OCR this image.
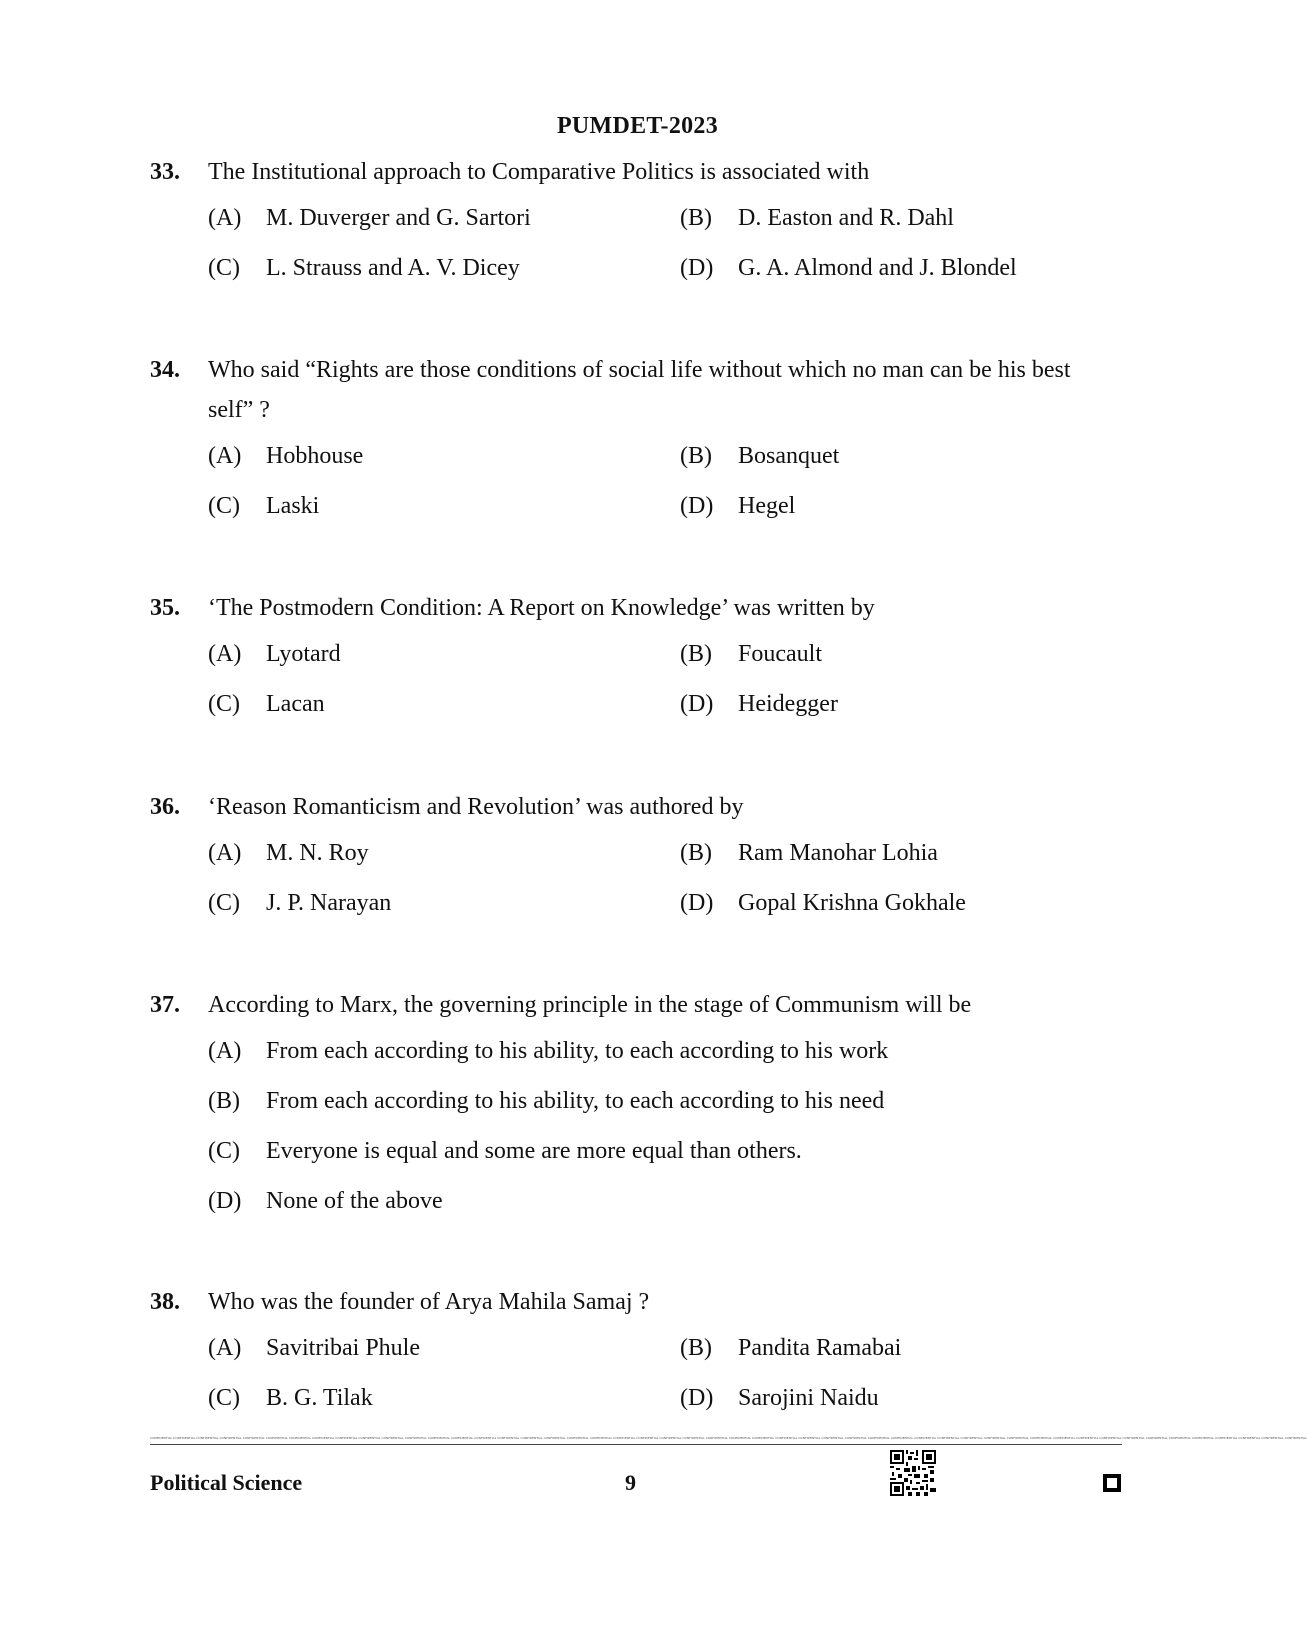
PUMDET-2023
33. The Institutional approach to Comparative Politics is associated with
(A) M. Duverger and G. Sartori	(B) D. Easton and R. Dahl
(C) L. Strauss and A. V. Dicey	(D) G. A. Almond and J. Blondel
34. Who said “Rights are those conditions of social life without which no man can be his best
self” ?
(A) Hobhouse	(B) Bosanquet
(C) Laski	(D) Hegel
35. ‘The Postmodern Condition: A Report on Knowledge’ was written by
(A) Lyotard	(B) Foucault
(C) Lacan	(D) Heidegger
36. ‘Reason Romanticism and Revolution’ was authored by
(A) M. N. Roy	(B) Ram Manohar Lohia
(C) J. P. Narayan	(D) Gopal Krishna Gokhale
37. According to Marx, the governing principle in the stage of Communism will be
(A) From each according to his ability, to each according to his work
(B) From each according to his ability, to each according to his need
(C) Everyone is equal and some are more equal than others.
(D) None of the above
38. Who was the founder of Arya Mahila Samaj ?
(A) Savitribai Phule	(B) Pandita Ramabai
(C) B. G. Tilak	(D) Sarojini Naidu
CONFIDENTIAL CONFIDENTIAL CONFIDENTIAL CONFIDENTIAL CONFIDENTIAL CONFIDENTIAL CONFIDENTIAL CONFIDENTIAL CONFIDENTIAL CONFIDENTIAL CONFIDENTIAL CONFIDENTIAL CONFIDENTIAL CONFIDENTIAL CONFIDENTIAL CONFIDENTIAL CONFIDENTIAL CONFIDENTIAL CONFIDENTIAL CONFIDENTIAL CONFIDENTIAL CONFIDENTIAL CONFIDENTIAL CONFIDENTIAL CONFIDENTIAL CONFIDENTIAL CONFIDENTIAL CONFIDENTIAL CONFIDENTIAL CONFIDENTIAL CONFIDENTIAL CONFIDENTIAL CONFIDENTIAL CONFIDENTIAL CONFIDENTIAL CONFIDENTIAL CONFIDENTIAL CONFIDENTIAL CONFIDENTIAL CONFIDENTIAL CONFIDENTIAL CONFIDENTIAL CONFIDENTIAL CONFIDENTIAL CONFIDENTIAL CONFIDENTIAL CONFIDENTIAL CONFIDENTIAL CONFIDENTIAL CONFIDENTIAL
Political Science	9
